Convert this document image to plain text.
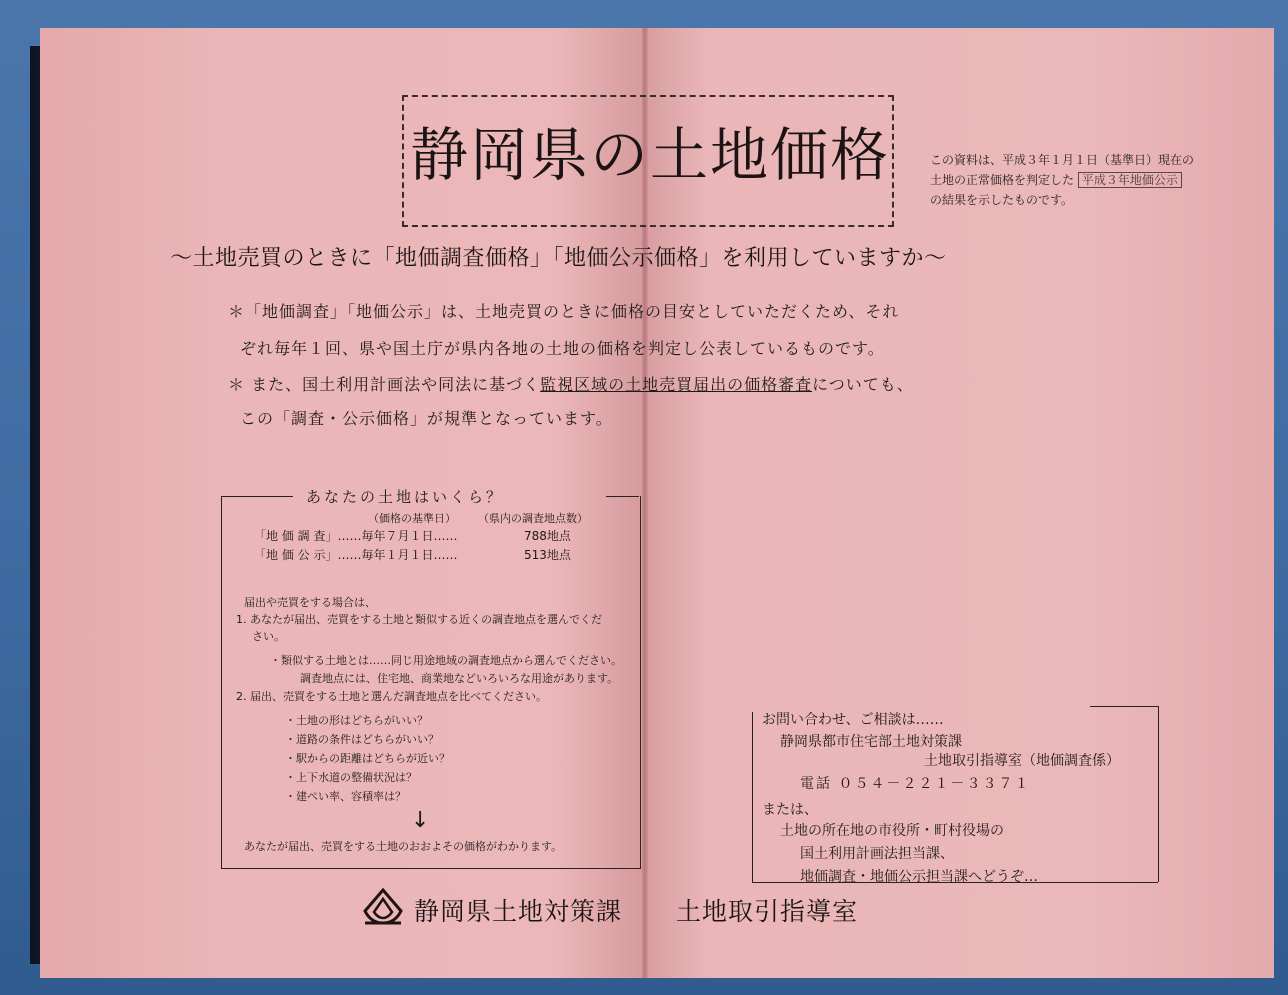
静岡県の土地価格	この資料は、平成３年１月１日（基準日）現在の
土地の正常価格を判定した 平成３年地価公示
の結果を示したものです。
～土地売買のときに「地価調査価格」「地価公示価格」を利用していますか～
＊「地価調査」「地価公示」は、土地売買のときに価格の目安としていただくため、それ
ぞれ毎年１回、県や国土庁が県内各地の土地の価格を判定し公表しているものです。
＊ また、国土利用計画法や同法に基づく監視区域の土地売買届出の価格審査についても、
この「調査・公示価格」が規準となっています。
あなたの土地はいくら？
（価格の基準日） （県内の調査地点数）
「地 価 調 査」……毎年７月１日……	788地点
「地 価 公 示」……毎年１月１日……	513地点
届出や売買をする場合は、
1. あなたが届出、売買をする土地と類似する近くの調査地点を選んでくだ
さい。
・類似する土地とは……同じ用途地域の調査地点から選んでください。
調査地点には、住宅地、商業地などいろいろな用途があります。
2. 届出、売買をする土地と選んだ調査地点を比べてください。
・土地の形はどちらがいい？
・道路の条件はどちらがいい？
・駅からの距離はどちらが近い？
・上下水道の整備状況は？
・建ぺい率、容積率は？
↓
あなたが届出、売買をする土地のおおよその価格がわかります。
お問い合わせ、ご相談は……
静岡県都市住宅部土地対策課
土地取引指導室（地価調査係）
電話 ０５４－２２１－３３７１
または、
土地の所在地の市役所・町村役場の
国土利用計画法担当課、
地価調査・地価公示担当課へどうぞ…
静岡県土地対策課 土地取引指導室
